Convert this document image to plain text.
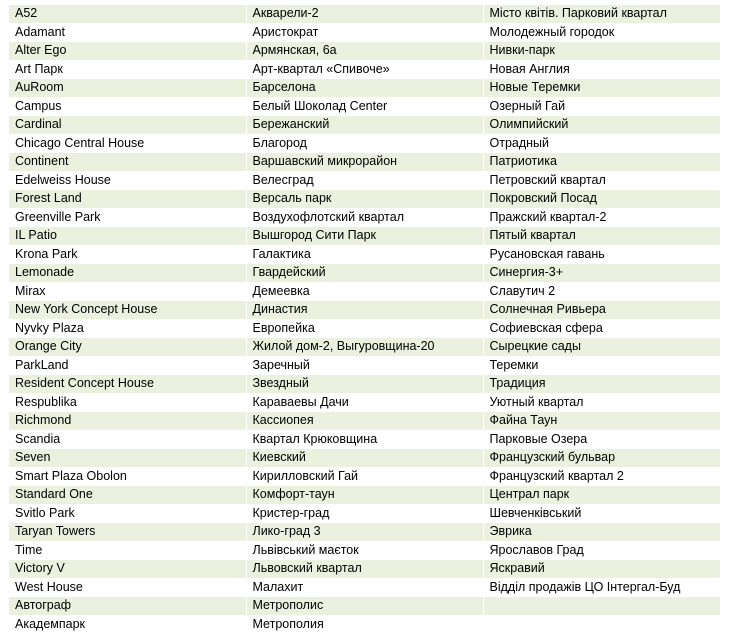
A52	Акварели-2	Місто квітів. Парковий квартал
Adamant	Аристократ	Молодежный городок
Alter Ego	Армянская, 6а	Нивки-парк
Art Парк	Арт-квартал «Спивоче»	Новая Англия
AuRoom	Барселона	Новые Теремки
Campus	Белый Шоколад Center	Озерный Гай
Cardinal	Бережанский	Олимпийский
Chicago Central House	Благород	Отрадный
Continent	Варшавский микрорайон	Патриотика
Edelweiss House	Велесград	Петровский квартал
Forest Land	Версаль парк	Покровский Посад
Greenville Park	Воздухофлотский квартал	Пражский квартал-2
IL Patio	Вышгород Сити Парк	Пятый квартал
Krona Park	Галактика	Русановская гавань
Lemonade	Гвардейский	Синергия-3+
Mirax	Демеевка	Славутич 2
New York Concept House	Династия	Солнечная Ривьера
Nyvky Plaza	Европейка	Софиевская сфера
Orange City	Жилой дом-2, Выгуровщина-20	Сырецкие сады
ParkLand	Заречный	Теремки
Resident Concept House	Звездный	Традиция
Respublika	Караваевы Дачи	Уютный квартал
Richmond	Кассиопея	Файна Таун
Scandia	Квартал Крюковщина	Парковые Озера
Seven	Киевский	Французский бульвар
Smart Plaza Obolon	Кирилловский Гай	Французский квартал 2
Standard One	Комфорт-таун	Централ парк
Svitlo Park	Кристер-град	Шевченківський
Taryan Towers	Лико-град 3	Эврика
Time	Львівський маєток	Ярославов Град
Victory V	Львовский квартал	Яскравий
West House	Малахит	Відділ продажів ЦО Інтергал-Буд
Автограф	Метрополис	
Академпарк	Метрополия	
